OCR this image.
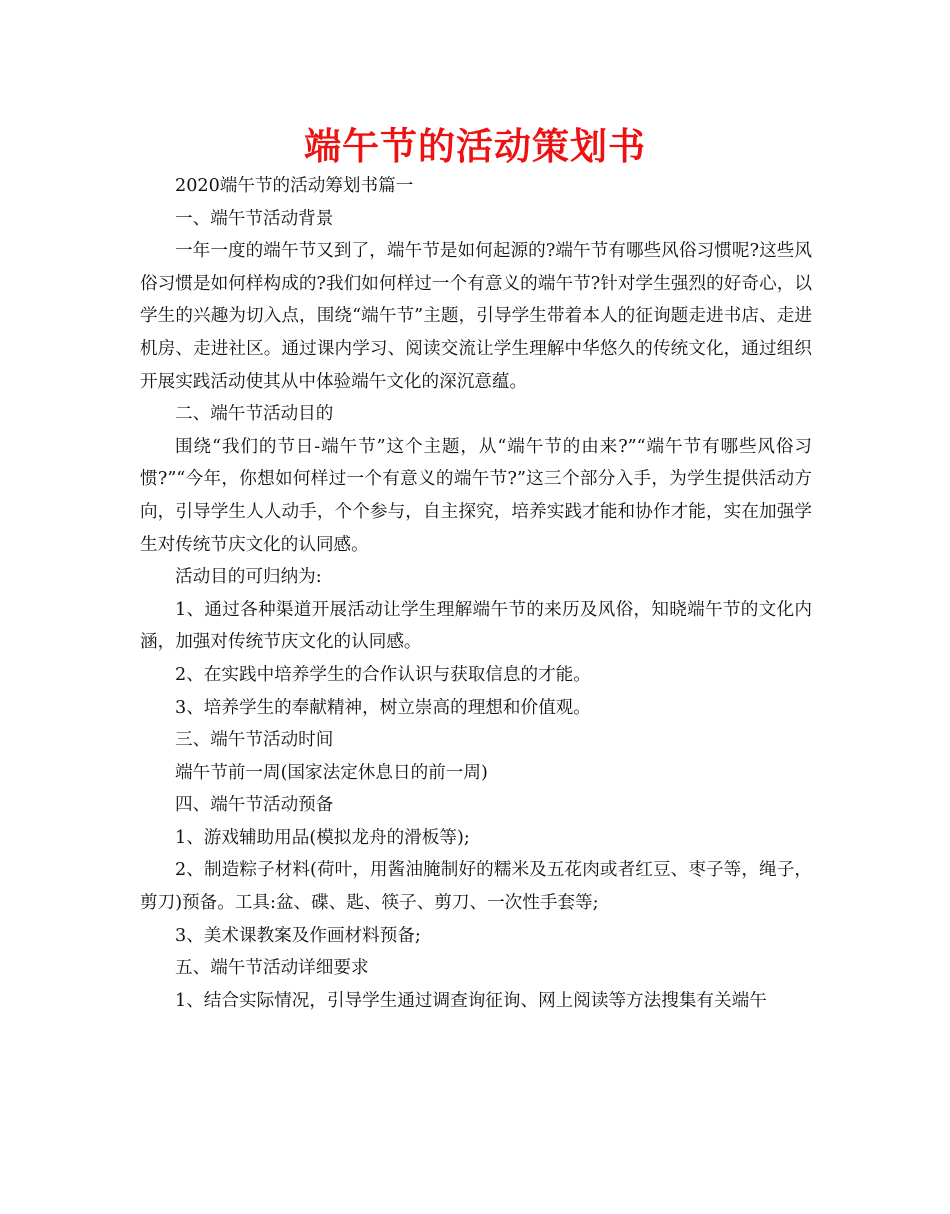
端午节的活动策划书

2020端午节的活动筹划书篇一

一、端午节活动背景

一年一度的端午节又到了，端午节是如何起源的?端午节有哪些风俗习惯呢?这些风俗习惯是如何样构成的?我们如何样过一个有意义的端午节?针对学生强烈的好奇心，以学生的兴趣为切入点，围绕“端午节”主题，引导学生带着本人的征询题走进书店、走进机房、走进社区。通过课内学习、阅读交流让学生理解中华悠久的传统文化，通过组织开展实践活动使其从中体验端午文化的深沉意蕴。

二、端午节活动目的

围绕“我们的节日-端午节”这个主题，从“端午节的由来?”“端午节有哪些风俗习惯?”“今年，你想如何样过一个有意义的端午节?”这三个部分入手，为学生提供活动方向，引导学生人人动手，个个参与，自主探究，培养实践才能和协作才能，实在加强学生对传统节庆文化的认同感。

活动目的可归纳为:

1、通过各种渠道开展活动让学生理解端午节的来历及风俗，知晓端午节的文化内涵，加强对传统节庆文化的认同感。

2、在实践中培养学生的合作认识与获取信息的才能。

3、培养学生的奉献精神，树立崇高的理想和价值观。

三、端午节活动时间

端午节前一周(国家法定休息日的前一周)

四、端午节活动预备

1、游戏辅助用品(模拟龙舟的滑板等);

2、制造粽子材料(荷叶，用酱油腌制好的糯米及五花肉或者红豆、枣子等，绳子，剪刀)预备。工具:盆、碟、匙、筷子、剪刀、一次性手套等;

3、美术课教案及作画材料预备;

五、端午节活动详细要求

1、结合实际情况，引导学生通过调查询征询、网上阅读等方法搜集有关端午
